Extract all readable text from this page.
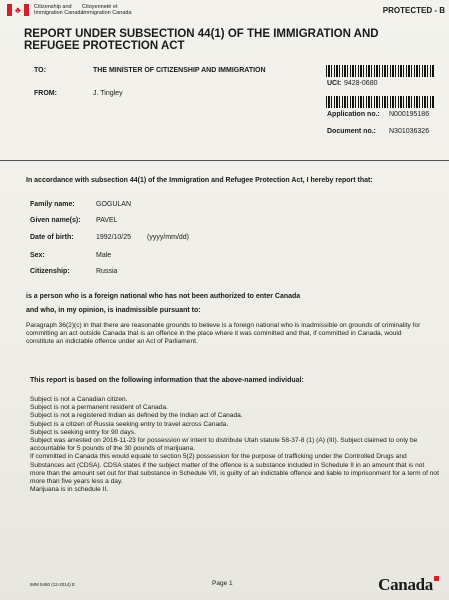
♣ Citizenship and
Immigration Canada
Citoyenneté et
Immigration Canada	PROTECTED - B
REPORT UNDER SUBSECTION 44(1) OF THE IMMIGRATION AND
REFUGEE PROTECTION ACT
TO:	THE MINISTER OF CITIZENSHIP AND IMMIGRATION
FROM:	J. Tingley
UCI: 9428-0680
Application no.: N000195186
Document no.: N301036326
In accordance with subsection 44(1) of the Immigration and Refugee Protection Act, I hereby report that:
Family name:	GOGULAN
Given name(s): PAVEL
Date of birth:	1992/10/25 (yyyy/mm/dd)
Sex:	Male
Citizenship:	Russia
is a person who is a foreign national who has not been authorized to enter Canada
and who, in my opinion, is inadmissible pursuant to:
Paragraph 36(2)(c) in that there are reasonable grounds to believe is a foreign national who is inadmissible on grounds of criminality for committing an act outside Canada that is an offence in the place where it was committed and that, if committed in Canada, would constitute an indictable offence under an Act of Parliament.
This report is based on the following information that the above-named individual:
Subject is not a Canadian citizen.
Subject is not a permanent resident of Canada.
Subject is not a registered Indian as defined by the Indian act of Canada.
Subject is a citizen of Russia seeking entry to travel across Canada.
Subject is seeking entry for 90 days.
Subject was arrested on 2016-11-23 for possession w/ intent to distribute Utah statute 58-37-8 (1) (A) (III). Subject claimed to only be accountable for 5 pounds of the 30 pounds of marijuana.
If committed in Canada this would equate to section 5(2) possession for the purpose of trafficking under the Controlled Drugs and Substances act (CDSA). CDSA states if the subject matter of the offence is a substance included in Schedule II in an amount that is not more than the amount set out for that substance in Schedule VII, is guilty of an indictable offence and liable to imprisonment for a term of not more than five years less a day.
Marijuana is in schedule II.
IMM 5480 (12-2014) E	Page 1	Canada
